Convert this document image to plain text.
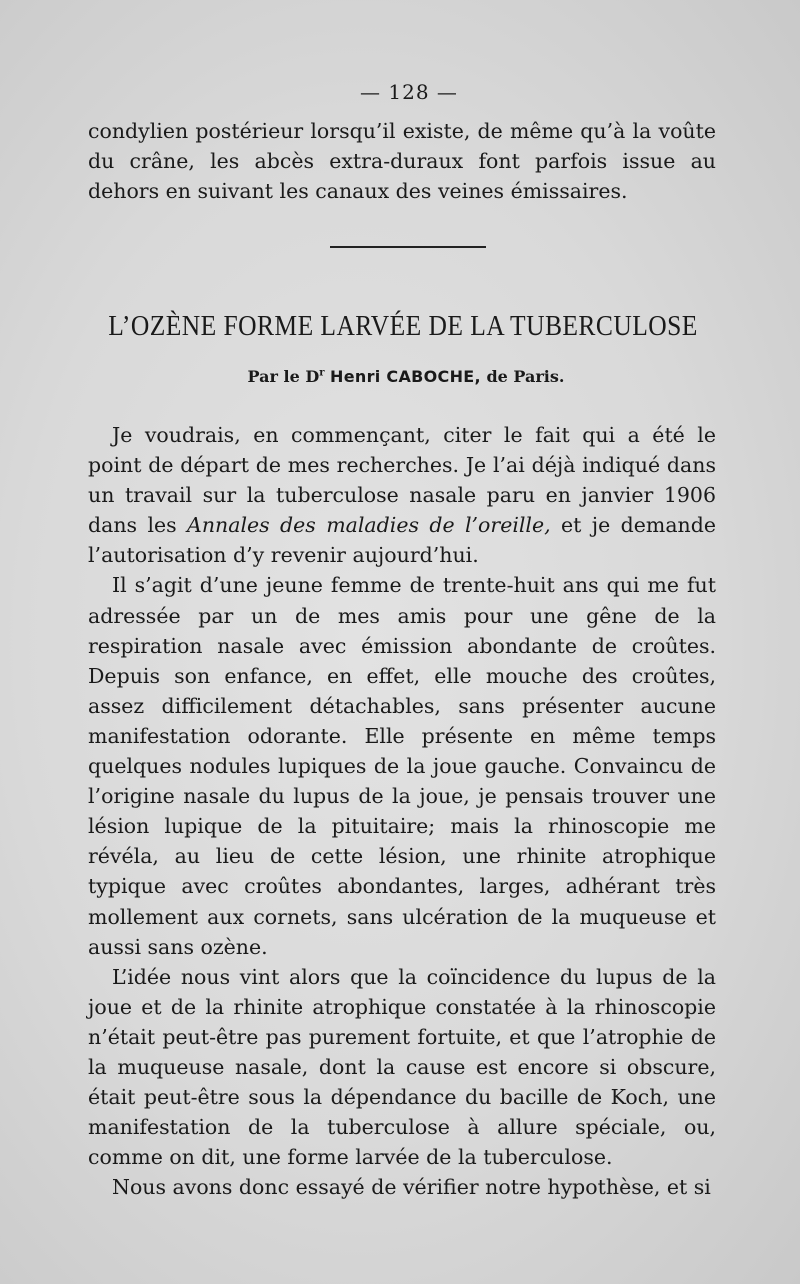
— 128 —

condylien postérieur lorsqu’il existe, de même qu’à la voûte du crâne, les abcès extra-duraux font parfois issue au dehors en suivant les canaux des veines émissaires.

L’OZÈNE FORME LARVÉE DE LA TUBERCULOSE
Par le $D^r$ Henri CABOCHE, de Paris.

Je voudrais, en commençant, citer le fait qui a été le point de départ de mes recherches. Je l’ai déjà indiqué dans un travail sur la tuberculose nasale paru en janvier 1906 dans les Annales des maladies de l’oreille, et je demande l’autorisation d’y revenir aujourd’hui.

Il s’agit d’une jeune femme de trente-huit ans qui me fut adressée par un de mes amis pour une gêne de la respiration nasale avec émission abondante de croûtes. Depuis son enfance, en effet, elle mouche des croûtes, assez difficilement détachables, sans présenter aucune manifestation odorante. Elle présente en même temps quelques nodules lupiques de la joue gauche. Convaincu de l’origine nasale du lupus de la joue, je pensais trouver une lésion lupique de la pituitaire; mais la rhinoscopie me révéla, au lieu de cette lésion, une rhinite atrophique typique avec croûtes abondantes, larges, adhérant très mollement aux cornets, sans ulcération de la muqueuse et aussi sans ozène.

L’idée nous vint alors que la coïncidence du lupus de la joue et de la rhinite atrophique constatée à la rhinoscopie n’était peut-être pas purement fortuite, et que l’atrophie de la muqueuse nasale, dont la cause est encore si obscure, était peut-être sous la dépendance du bacille de Koch, une manifestation de la tuberculose à allure spéciale, ou, comme on dit, une forme larvée de la tuberculose.

Nous avons donc essayé de vérifier notre hypothèse, et si
